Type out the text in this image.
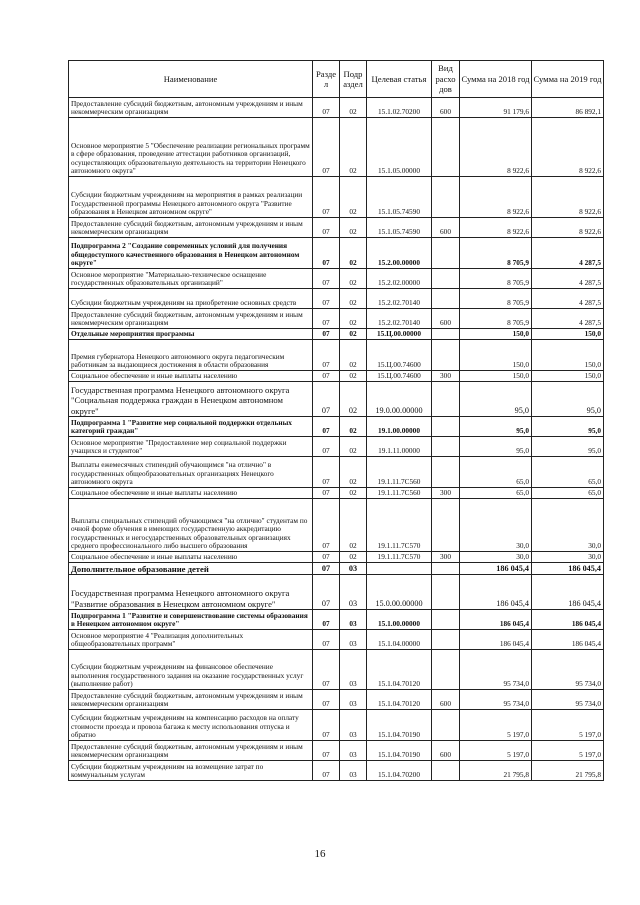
Наименование	Разде л	Подр аздел	Целевая статья	Вид расхо дов	Сумма на 2018 год	Сумма на 2019 год
Предоставление субсидий бюджетным, автономным учреждениям и иным некоммерческим организациям	07	02	15.1.02.70200	600	91 179,6	86 892,1
Основное мероприятие 5 "Обеспечение реализации региональных программ в сфере образования, проведение аттестации работников организаций, осуществляющих образовательную деятельность на территории Ненецкого автономного округа"	07	02	15.1.05.00000		8 922,6	8 922,6
Субсидии бюджетным учреждениям на мероприятия в рамках реализации Государственной программы Ненецкого автономного округа "Развитие образования в Ненецком автономном округе"	07	02	15.1.05.74590		8 922,6	8 922,6
Предоставление субсидий бюджетным, автономным учреждениям и иным некоммерческим организациям	07	02	15.1.05.74590	600	8 922,6	8 922,6
Подпрограмма 2 "Создание современных условий для получения общедоступного качественного образования в Ненецком автономном округе"	07	02	15.2.00.00000		8 705,9	4 287,5
Основное мероприятие "Материально-техническое оснащение государственных образовательных организаций"	07	02	15.2.02.00000		8 705,9	4 287,5
Субсидии бюджетным учреждениям на приобретение основных средств	07	02	15.2.02.70140		8 705,9	4 287,5
Предоставление субсидий бюджетным, автономным учреждениям и иным некоммерческим организациям	07	02	15.2.02.70140	600	8 705,9	4 287,5
Отдельные мероприятия программы	07	02	15.Ц.00.00000		150,0	150,0
Премия губернатора Ненецкого автономного округа педагогическим работникам за выдающиеся достижения в области образования	07	02	15.Ц.00.74600		150,0	150,0
Социальное обеспечение и иные выплаты населению	07	02	15.Ц.00.74600	300	150,0	150,0
Государственная программа Ненецкого автономного округа "Социальная поддержка граждан в Ненецком автономном округе"	07	02	19.0.00.00000		95,0	95,0
Подпрограмма 1 "Развитие мер социальной поддержки отдельных категорий граждан"	07	02	19.1.00.00000		95,0	95,0
Основное мероприятие "Предоставление мер социальной поддержки учащихся и студентов"	07	02	19.1.11.00000		95,0	95,0
Выплаты ежемесячных стипендий обучающимся "на отлично" в государственных общеобразовательных организациях Ненецкого автономного округа	07	02	19.1.11.7С560		65,0	65,0
Социальное обеспечение и иные выплаты населению	07	02	19.1.11.7С560	300	65,0	65,0
Выплаты специальных стипендий обучающимся "на отлично" студентам по очной форме обучения в имеющих государственную аккредитацию государственных и негосударственных образовательных организациях среднего профессионального либо высшего образования	07	02	19.1.11.7С570		30,0	30,0
Социальное обеспечение и иные выплаты населению	07	02	19.1.11.7С570	300	30,0	30,0
Дополнительное образование детей	07	03			186 045,4	186 045,4
Государственная программа Ненецкого автономного округа "Развитие образования в Ненецком автономном округе"	07	03	15.0.00.00000		186 045,4	186 045,4
Подпрограмма 1 "Развитие и совершенствование системы образования в Ненецком автономном округе"	07	03	15.1.00.00000		186 045,4	186 045,4
Основное мероприятие 4 "Реализация дополнительных общеобразовательных программ"	07	03	15.1.04.00000		186 045,4	186 045,4
Субсидии бюджетным учреждениям на финансовое обеспечение выполнения государственного задания на оказание государственных услуг (выполнение работ)	07	03	15.1.04.70120		95 734,0	95 734,0
Предоставление субсидий бюджетным, автономным учреждениям и иным некоммерческим организациям	07	03	15.1.04.70120	600	95 734,0	95 734,0
Субсидии бюджетным учреждениям на компенсацию расходов на оплату стоимости проезда и провоза багажа к месту использования отпуска и обратно	07	03	15.1.04.70190		5 197,0	5 197,0
Предоставление субсидий бюджетным, автономным учреждениям и иным некоммерческим организациям	07	03	15.1.04.70190	600	5 197,0	5 197,0
Субсидии бюджетным учреждениям на возмещение затрат по коммунальным услугам	07	03	15.1.04.70200		21 795,8	21 795,8
16
